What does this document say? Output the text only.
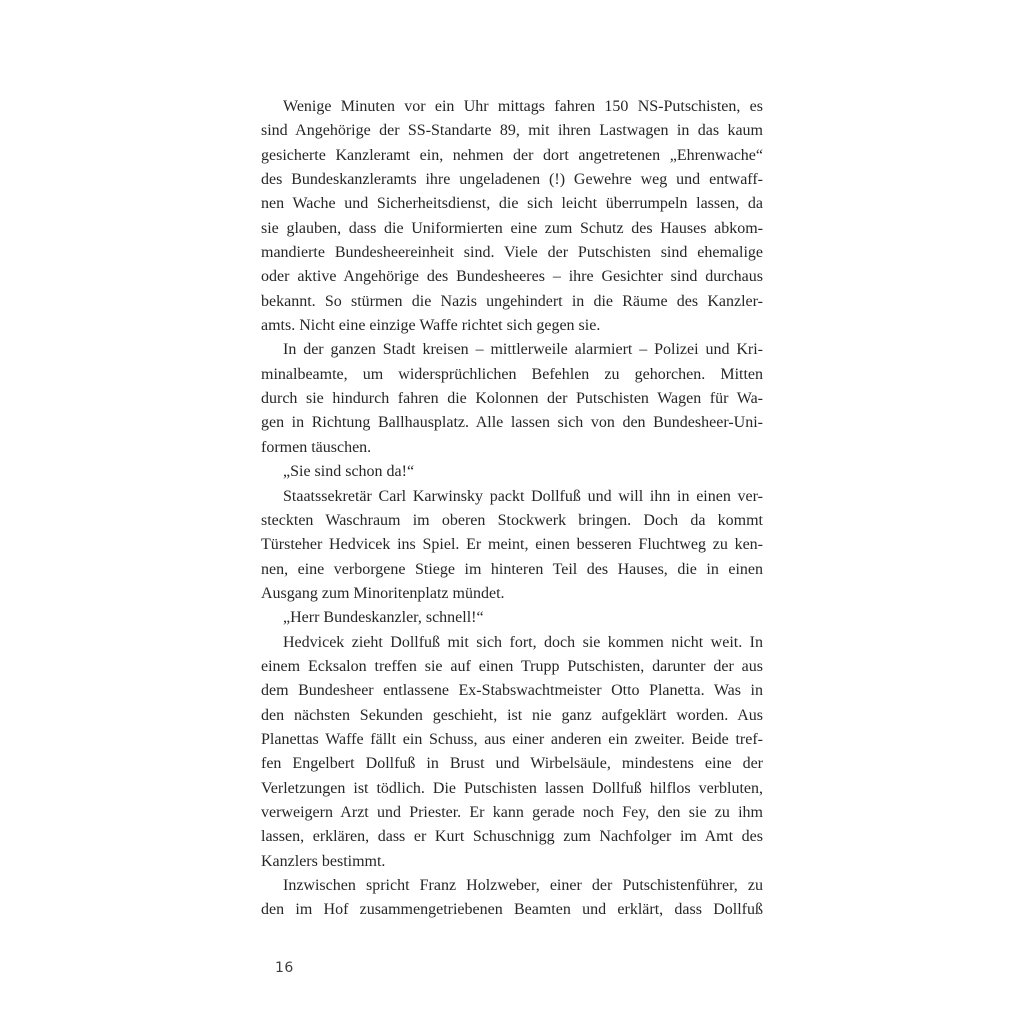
Wenige Minuten vor ein Uhr mittags fahren 150 NS-Putschisten, es
sind Angehörige der SS-Standarte 89, mit ihren Lastwagen in das kaum
gesicherte Kanzleramt ein, nehmen der dort angetretenen „Ehrenwache“
des Bundeskanzleramts ihre ungeladenen (!) Gewehre weg und entwaff-
nen Wache und Sicherheitsdienst, die sich leicht überrumpeln lassen, da
sie glauben, dass die Uniformierten eine zum Schutz des Hauses abkom-
mandierte Bundesheereinheit sind. Viele der Putschisten sind ehemalige
oder aktive Angehörige des Bundesheeres – ihre Gesichter sind durchaus
bekannt. So stürmen die Nazis ungehindert in die Räume des Kanzler-
amts. Nicht eine einzige Waffe richtet sich gegen sie.
In der ganzen Stadt kreisen – mittlerweile alarmiert – Polizei und Kri-
minalbeamte, um widersprüchlichen Befehlen zu gehorchen. Mitten
durch sie hindurch fahren die Kolonnen der Putschisten Wagen für Wa-
gen in Richtung Ballhausplatz. Alle lassen sich von den Bundesheer-Uni-
formen täuschen.
„Sie sind schon da!“
Staatssekretär Carl Karwinsky packt Dollfuß und will ihn in einen ver-
steckten Waschraum im oberen Stockwerk bringen. Doch da kommt
Türsteher Hedvicek ins Spiel. Er meint, einen besseren Fluchtweg zu ken-
nen, eine verborgene Stiege im hinteren Teil des Hauses, die in einen
Ausgang zum Minoritenplatz mündet.
„Herr Bundeskanzler, schnell!“
Hedvicek zieht Dollfuß mit sich fort, doch sie kommen nicht weit. In
einem Ecksalon treffen sie auf einen Trupp Putschisten, darunter der aus
dem Bundesheer entlassene Ex-Stabswachtmeister Otto Planetta. Was in
den nächsten Sekunden geschieht, ist nie ganz aufgeklärt worden. Aus
Planettas Waffe fällt ein Schuss, aus einer anderen ein zweiter. Beide tref-
fen Engelbert Dollfuß in Brust und Wirbelsäule, mindestens eine der
Verletzungen ist tödlich. Die Putschisten lassen Dollfuß hilflos verbluten,
verweigern Arzt und Priester. Er kann gerade noch Fey, den sie zu ihm
lassen, erklären, dass er Kurt Schuschnigg zum Nachfolger im Amt des
Kanzlers bestimmt.
Inzwischen spricht Franz Holzweber, einer der Putschistenführer, zu
den im Hof zusammengetriebenen Beamten und erklärt, dass Dollfuß
16
